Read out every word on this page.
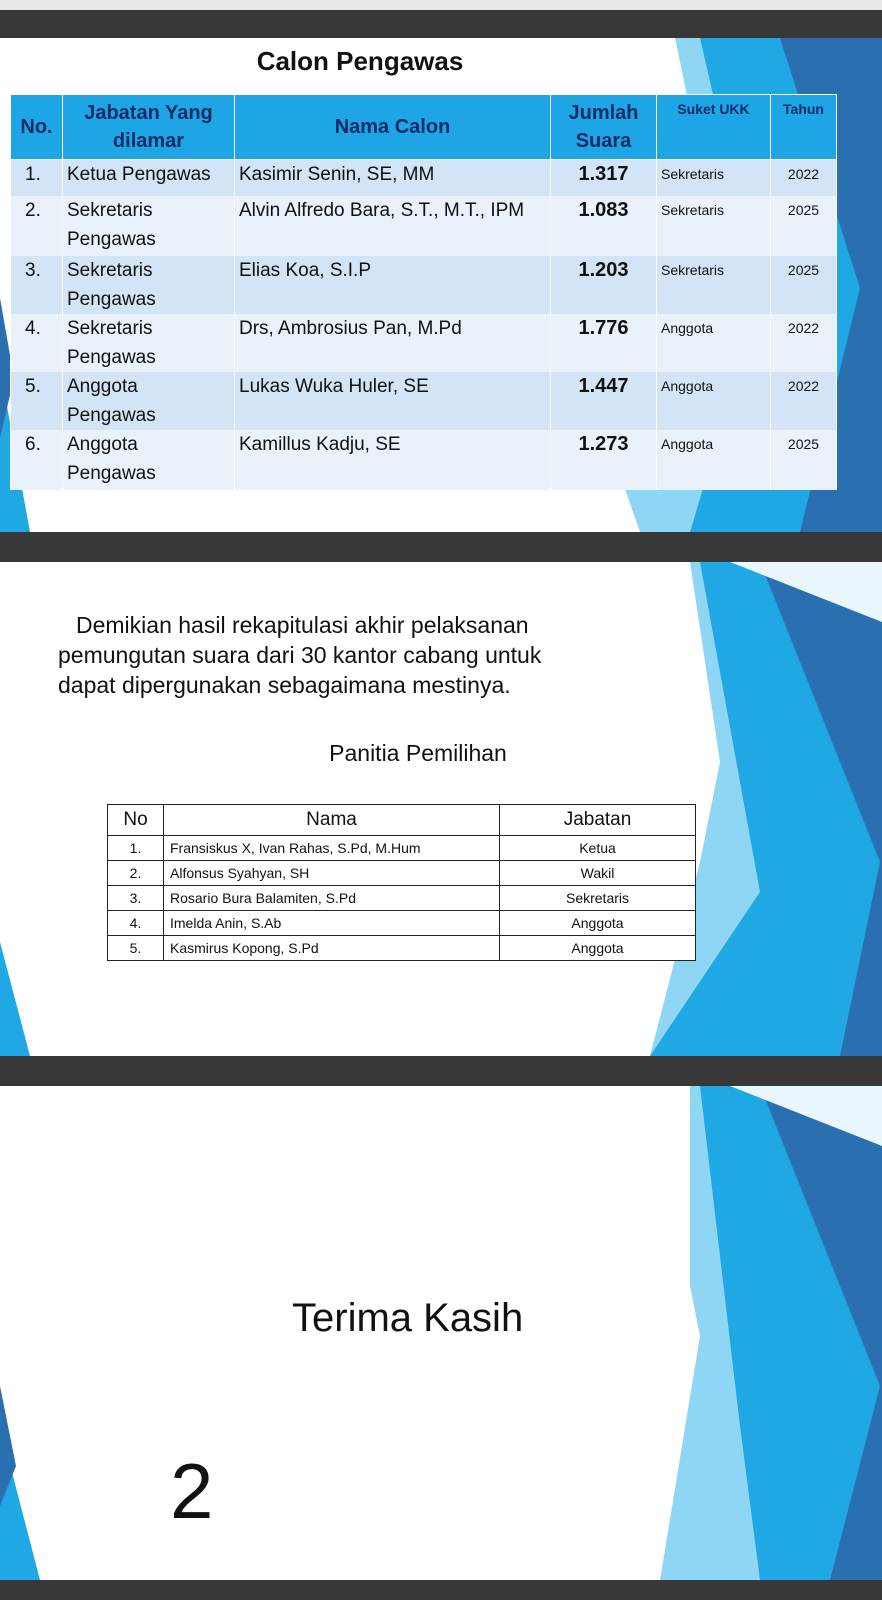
Calon Pengawas
No.	Jabatan Yang dilamar	Nama Calon	Jumlah Suara	Suket UKK	Tahun
1.	Ketua Pengawas	Kasimir Senin, SE, MM	1.317	Sekretaris	2022
2.	Sekretaris Pengawas	Alvin Alfredo Bara, S.T., M.T., IPM	1.083	Sekretaris	2025
3.	Sekretaris Pengawas	Elias Koa, S.I.P	1.203	Sekretaris	2025
4.	Sekretaris Pengawas	Drs, Ambrosius Pan, M.Pd	1.776	Anggota	2022
5.	Anggota Pengawas	Lukas Wuka Huler, SE	1.447	Anggota	2022
6.	Anggota Pengawas	Kamillus Kadju, SE	1.273	Anggota	2025
Demikian hasil rekapitulasi akhir pelaksanan
pemungutan suara dari 30 kantor cabang untuk
dapat dipergunakan sebagaimana mestinya.
Panitia Pemilihan
No	Nama	Jabatan
1.	Fransiskus X, Ivan Rahas, S.Pd, M.Hum	Ketua
2.	Alfonsus Syahyan, SH	Wakil
3.	Rosario Bura Balamiten, S.Pd	Sekretaris
4.	Imelda Anin, S.Ab	Anggota
5.	Kasmirus Kopong, S.Pd	Anggota
Terima Kasih
2
